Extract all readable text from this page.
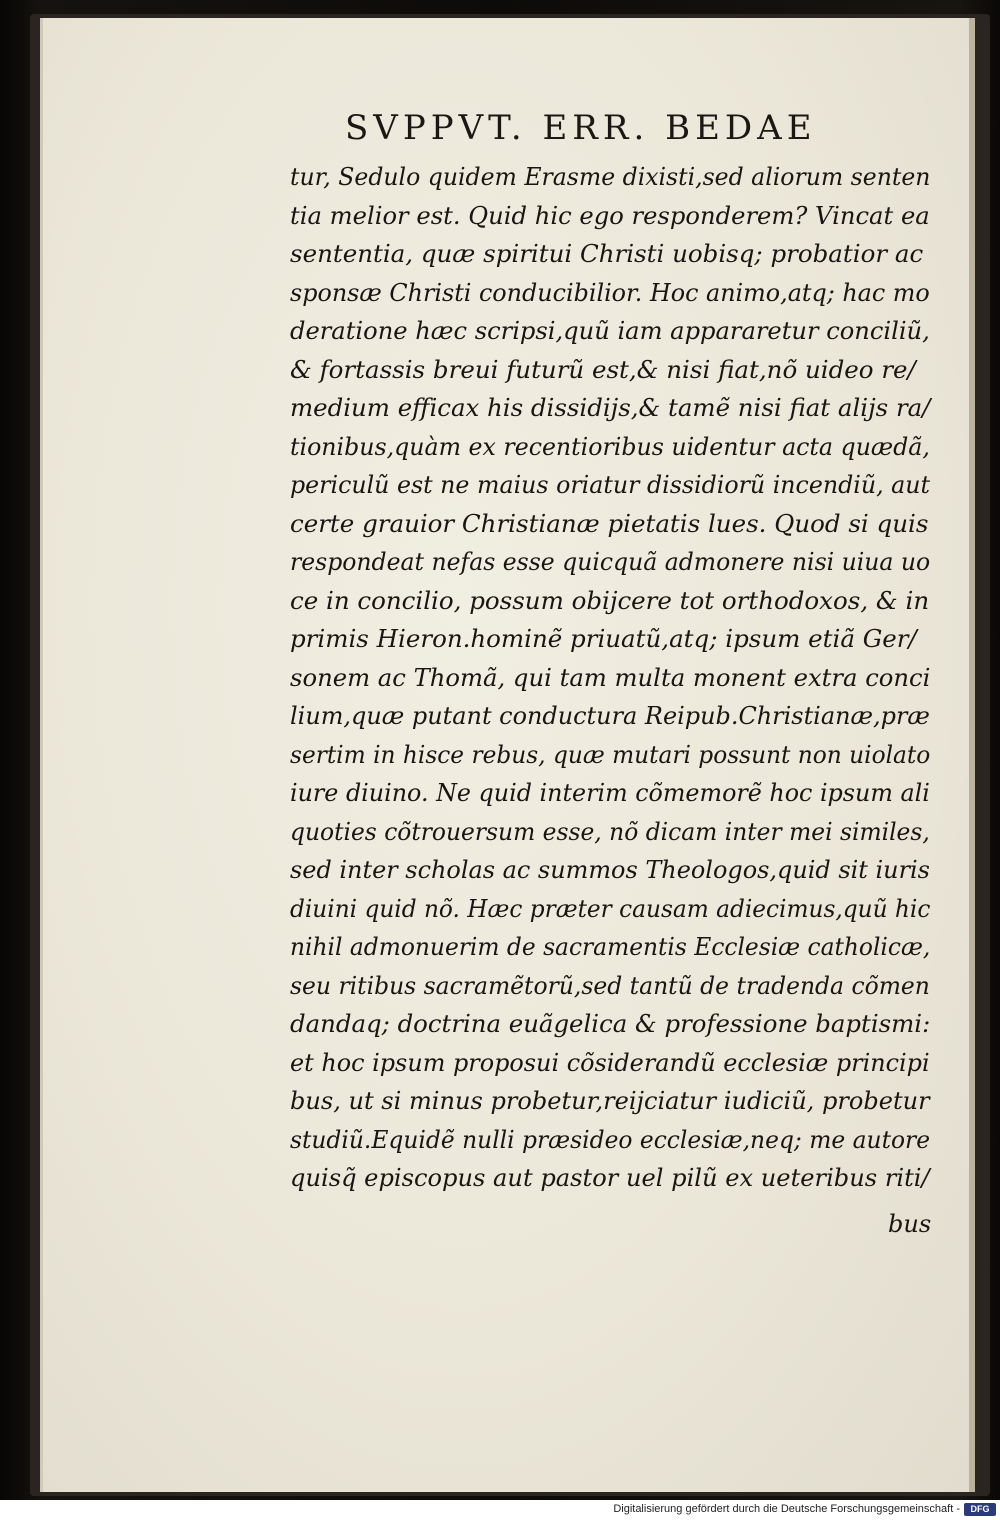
SVPPVT. ERR. BEDAE
tur, Sedulo quidem Erasme dixisti,sed aliorum senten
tia melior est. Quid hic ego responderem? Vincat ea
sententia, quæ spiritui Christi uobisq; probatior ac
sponsæ Christi conducibilior. Hoc animo,atq; hac mo
deratione hæc scripsi,quũ iam appararetur conciliũ,
& fortassis breui futurũ est,& nisi fiat,nõ uideo re/
medium efficax his dissidijs,& tamẽ nisi fiat alijs ra/
tionibus,quàm ex recentioribus uidentur acta quædã,
periculũ est ne maius oriatur dissidiorũ incendiũ, aut
certe grauior Christianæ pietatis lues. Quod si quis
respondeat nefas esse quicquã admonere nisi uiua uo
ce in concilio, possum obijcere tot orthodoxos, & in
primis Hieron.hominẽ priuatũ,atq; ipsum etiã Ger/
sonem ac Thomã, qui tam multa monent extra conci
lium,quæ putant conductura Reipub.Christianæ,præ
sertim in hisce rebus, quæ mutari possunt non uiolato
iure diuino. Ne quid interim cõmemorẽ hoc ipsum ali
quoties cõtrouersum esse, nõ dicam inter mei similes,
sed inter scholas ac summos Theologos,quid sit iuris
diuini quid nõ. Hæc præter causam adiecimus,quũ hic
nihil admonuerim de sacramentis Ecclesiæ catholicæ,
seu ritibus sacramẽtorũ,sed tantũ de tradenda cõmen
dandaq; doctrina euãgelica & professione baptismi:
et hoc ipsum proposui cõsiderandũ ecclesiæ principi
bus, ut si minus probetur,reijciatur iudiciũ, probetur
studiũ.Equidẽ nulli præsideo ecclesiæ,neq; me autore
quisq̃ episcopus aut pastor uel pilũ ex ueteribus riti/
bus
Digitalisierung gefördert durch die Deutsche Forschungsgemeinschaft -	DFG
